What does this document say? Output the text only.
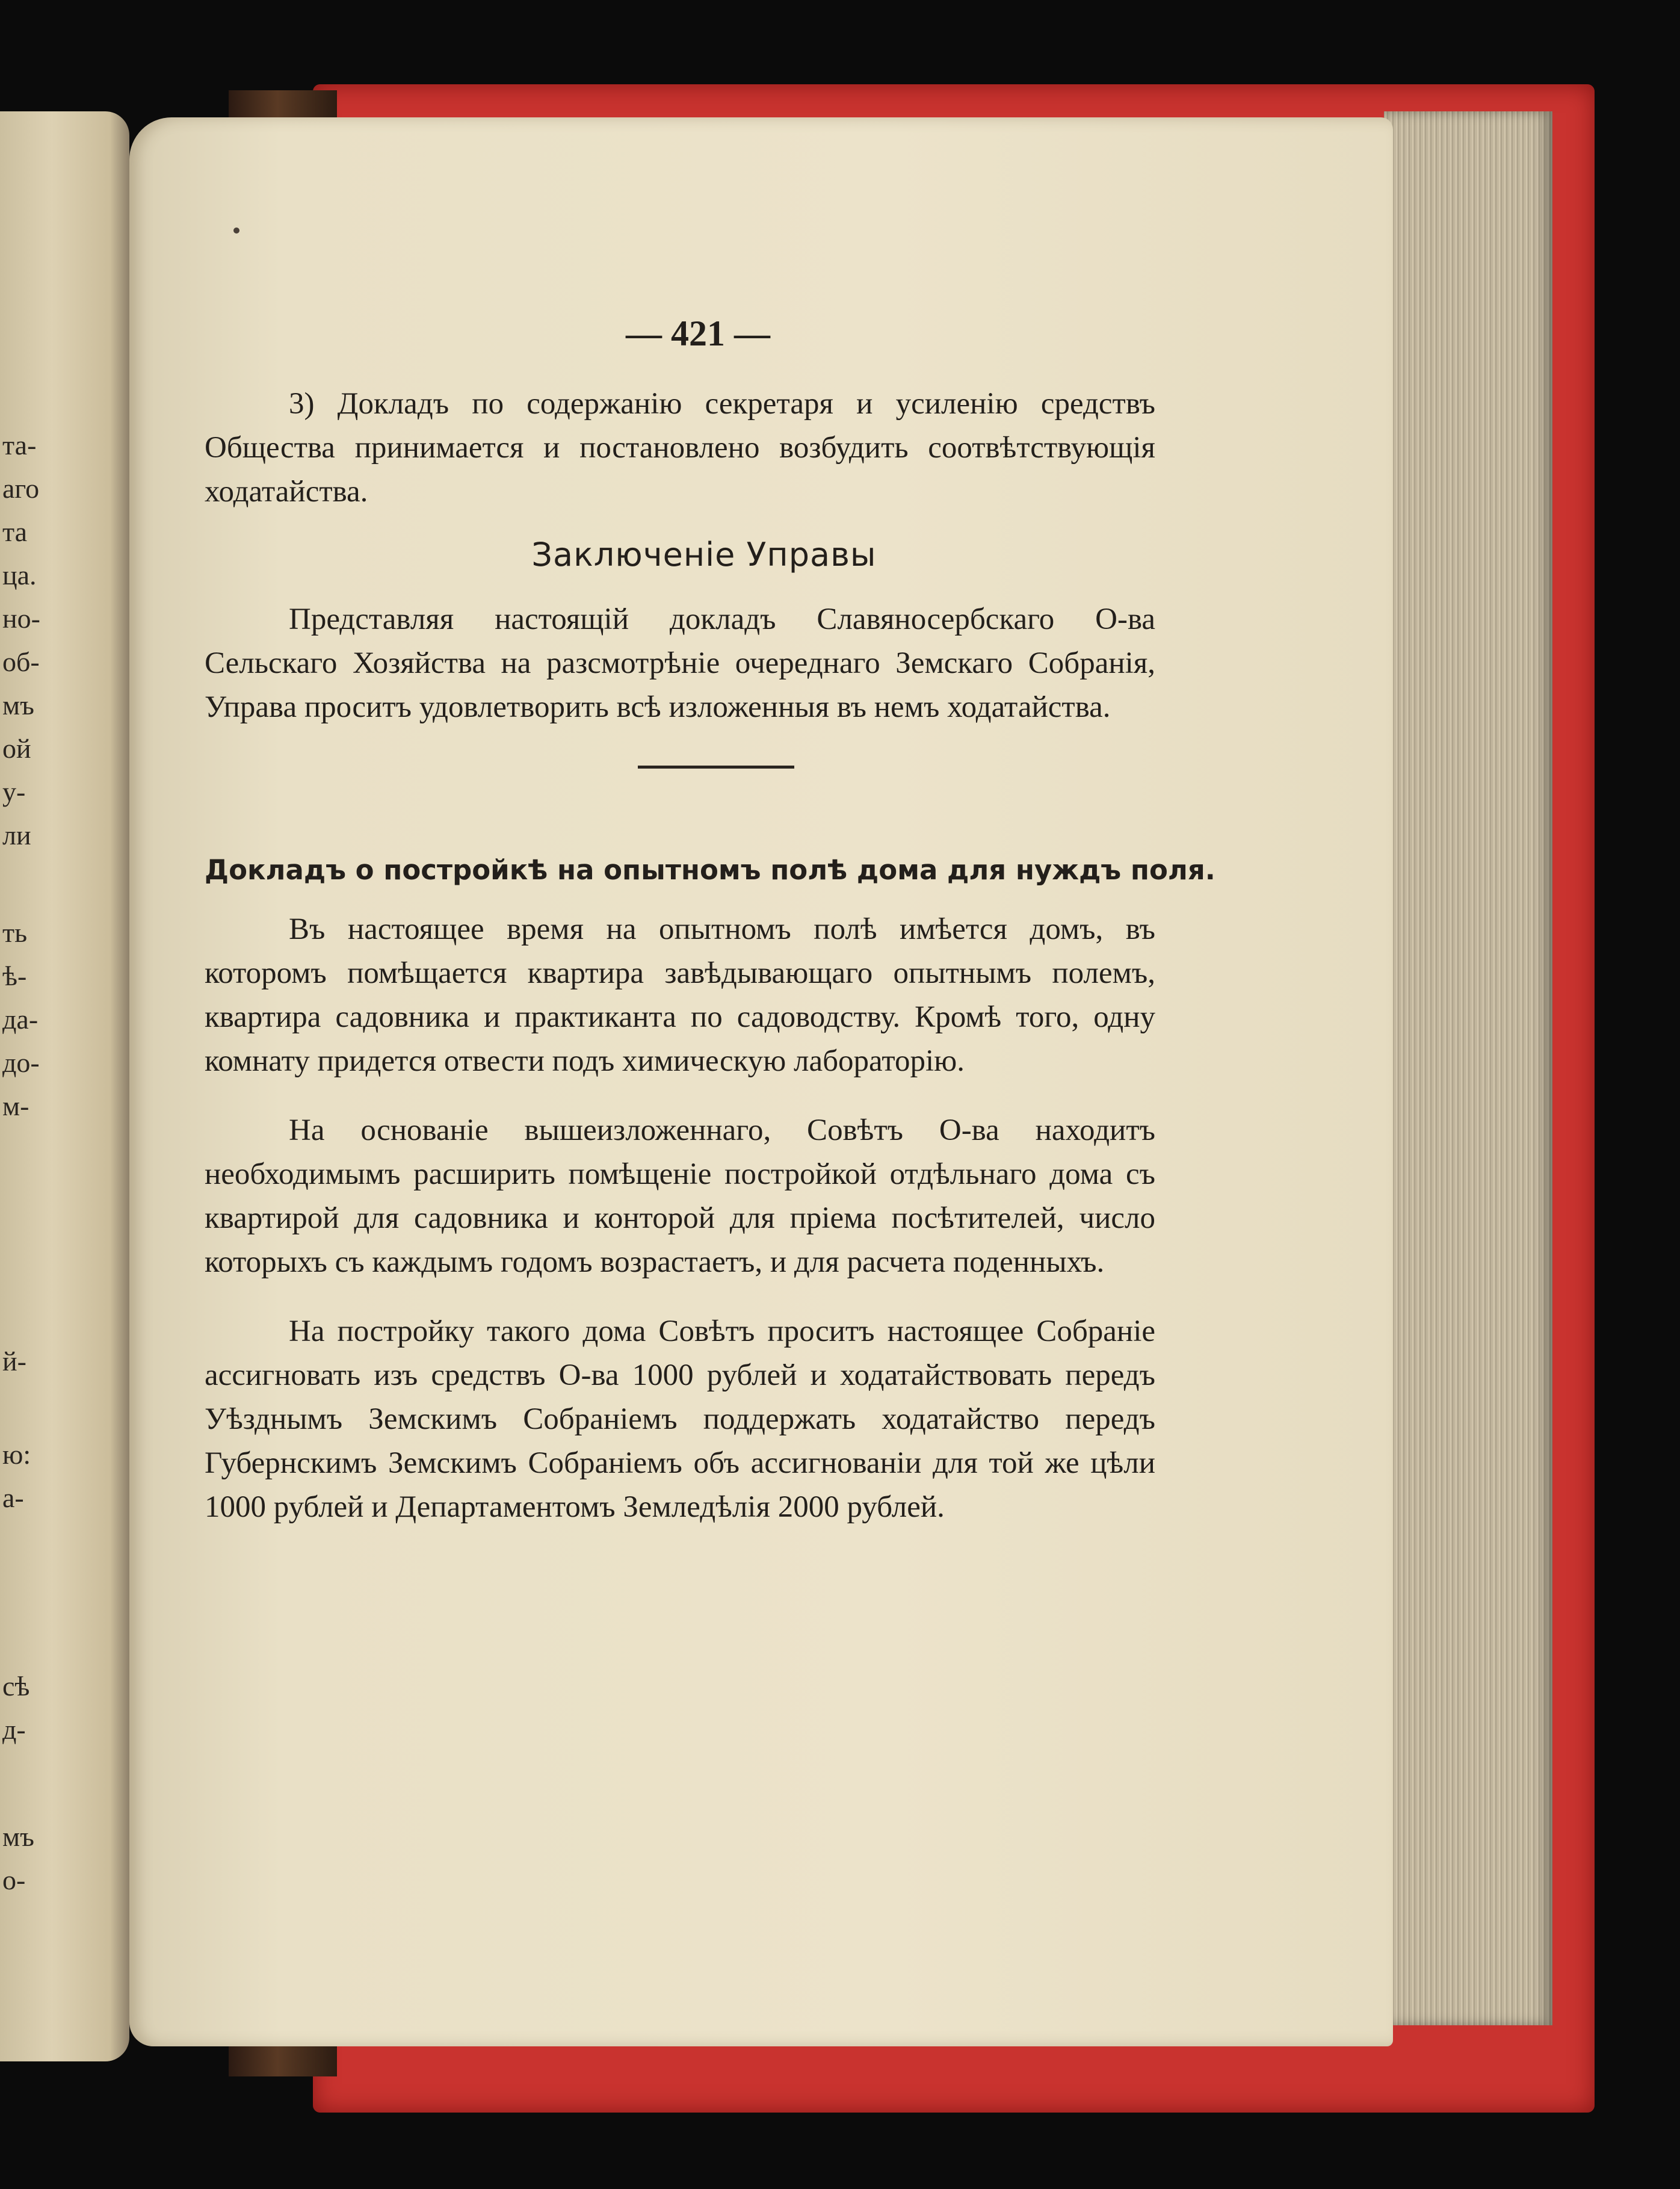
та-
аго
та
ца.
но-
об-
мъ
ой
у-
ли
ть
ѣ-
да-
до-
м-
й-
ю:
а-
сѣ
д-
мъ
о-
— 421 —

3) Докладъ по содержанію секретаря и усиленію средствъ Общества принимается и постановлено возбудить соотвѣтствующія ходатайства.

Заключеніе Управы

Представляя настоящій докладъ Славяносербскаго О-ва Сельскаго Хозяйства на разсмотрѣніе очереднаго Земскаго Собранія, Управа проситъ удовлетворить всѣ изложенныя въ немъ ходатайства.

Докладъ о постройкѣ на опытномъ полѣ дома для нуждъ поля.

Въ настоящее время на опытномъ полѣ имѣется домъ, въ которомъ помѣщается квартира завѣдывающаго опытнымъ полемъ, квартира садовника и практиканта по садоводству. Кромѣ того, одну комнату придется отвести подъ химическую лабораторію.

На основаніе вышеизложеннаго, Совѣтъ О-ва находитъ необходимымъ расширить помѣщеніе постройкой отдѣльнаго дома съ квартирой для садовника и конторой для пріема посѣтителей, число которыхъ съ каждымъ годомъ возрастаетъ, и для расчета поденныхъ.

На постройку такого дома Совѣтъ проситъ настоящее Собраніе ассигновать изъ средствъ О-ва 1000 рублей и ходатайствовать передъ Уѣзднымъ Земскимъ Собраніемъ поддержать ходатайство передъ Губернскимъ Земскимъ Собраніемъ объ ассигнованіи для той же цѣли 1000 рублей и Департаментомъ Земледѣлія 2000 рублей.
